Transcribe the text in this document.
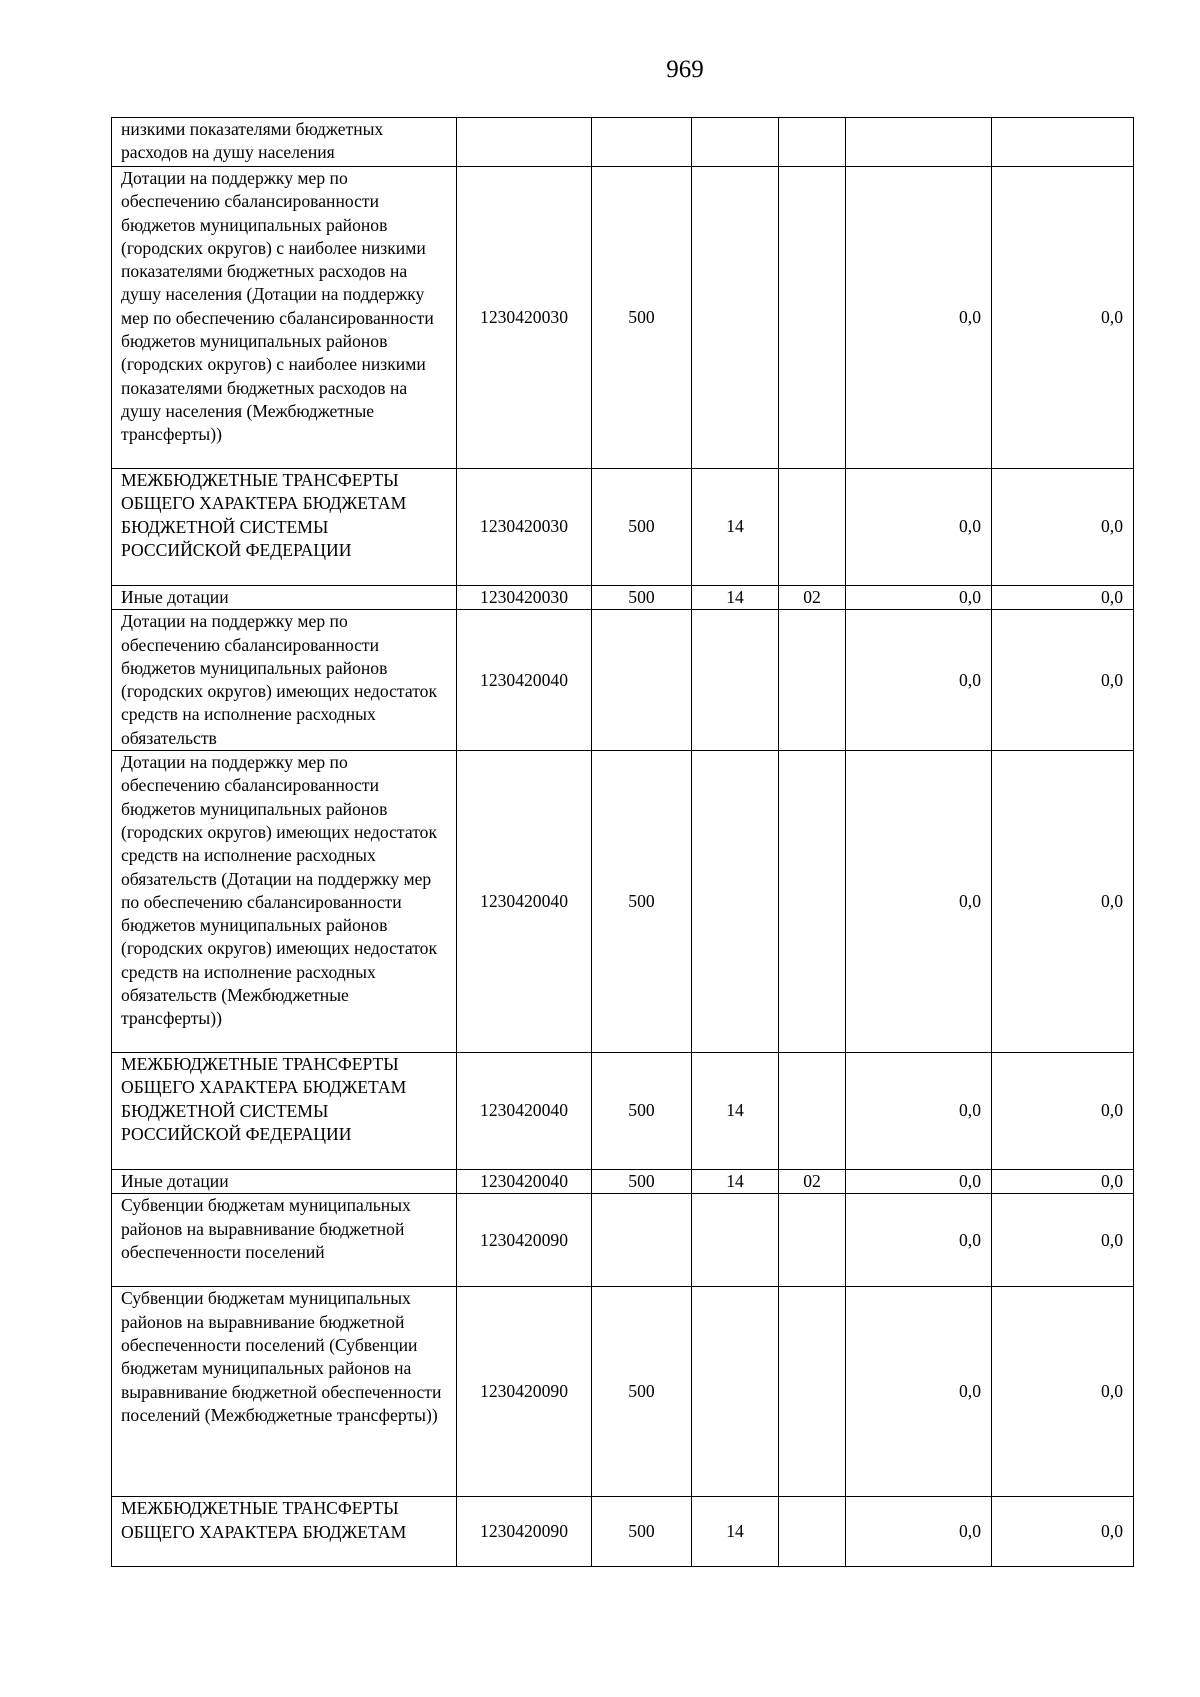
969
низкими показателями бюджетных расходов на душу населения						
Дотации на поддержку мер по обеспечению сбалансированности бюджетов муниципальных районов (городских округов) с наиболее низкими показателями бюджетных расходов на душу населения (Дотации на поддержку мер по обеспечению сбалансированности бюджетов муниципальных районов (городских округов) с наиболее низкими показателями бюджетных расходов на душу населения (Межбюджетные трансферты))	1230420030	500			0,0	0,0
МЕЖБЮДЖЕТНЫЕ ТРАНСФЕРТЫ ОБЩЕГО ХАРАКТЕРА БЮДЖЕТАМ БЮДЖЕТНОЙ СИСТЕМЫ РОССИЙСКОЙ ФЕДЕРАЦИИ	1230420030	500	14		0,0	0,0
Иные дотации	1230420030	500	14	02	0,0	0,0
Дотации на поддержку мер по обеспечению сбалансированности бюджетов муниципальных районов (городских округов) имеющих недостаток средств на исполнение расходных обязательств	1230420040				0,0	0,0
Дотации на поддержку мер по обеспечению сбалансированности бюджетов муниципальных районов (городских округов) имеющих недостаток средств на исполнение расходных обязательств (Дотации на поддержку мер по обеспечению сбалансированности бюджетов муниципальных районов (городских округов) имеющих недостаток средств на исполнение расходных обязательств (Межбюджетные трансферты))	1230420040	500			0,0	0,0
МЕЖБЮДЖЕТНЫЕ ТРАНСФЕРТЫ ОБЩЕГО ХАРАКТЕРА БЮДЖЕТАМ БЮДЖЕТНОЙ СИСТЕМЫ РОССИЙСКОЙ ФЕДЕРАЦИИ	1230420040	500	14		0,0	0,0
Иные дотации	1230420040	500	14	02	0,0	0,0
Субвенции бюджетам муниципальных районов на выравнивание бюджетной обеспеченности поселений	1230420090				0,0	0,0
Субвенции бюджетам муниципальных районов на выравнивание бюджетной обеспеченности поселений (Субвенции бюджетам муниципальных районов на выравнивание бюджетной обеспеченности поселений (Межбюджетные трансферты))	1230420090	500			0,0	0,0
МЕЖБЮДЖЕТНЫЕ ТРАНСФЕРТЫ ОБЩЕГО ХАРАКТЕРА БЮДЖЕТАМ	1230420090	500	14		0,0	0,0
